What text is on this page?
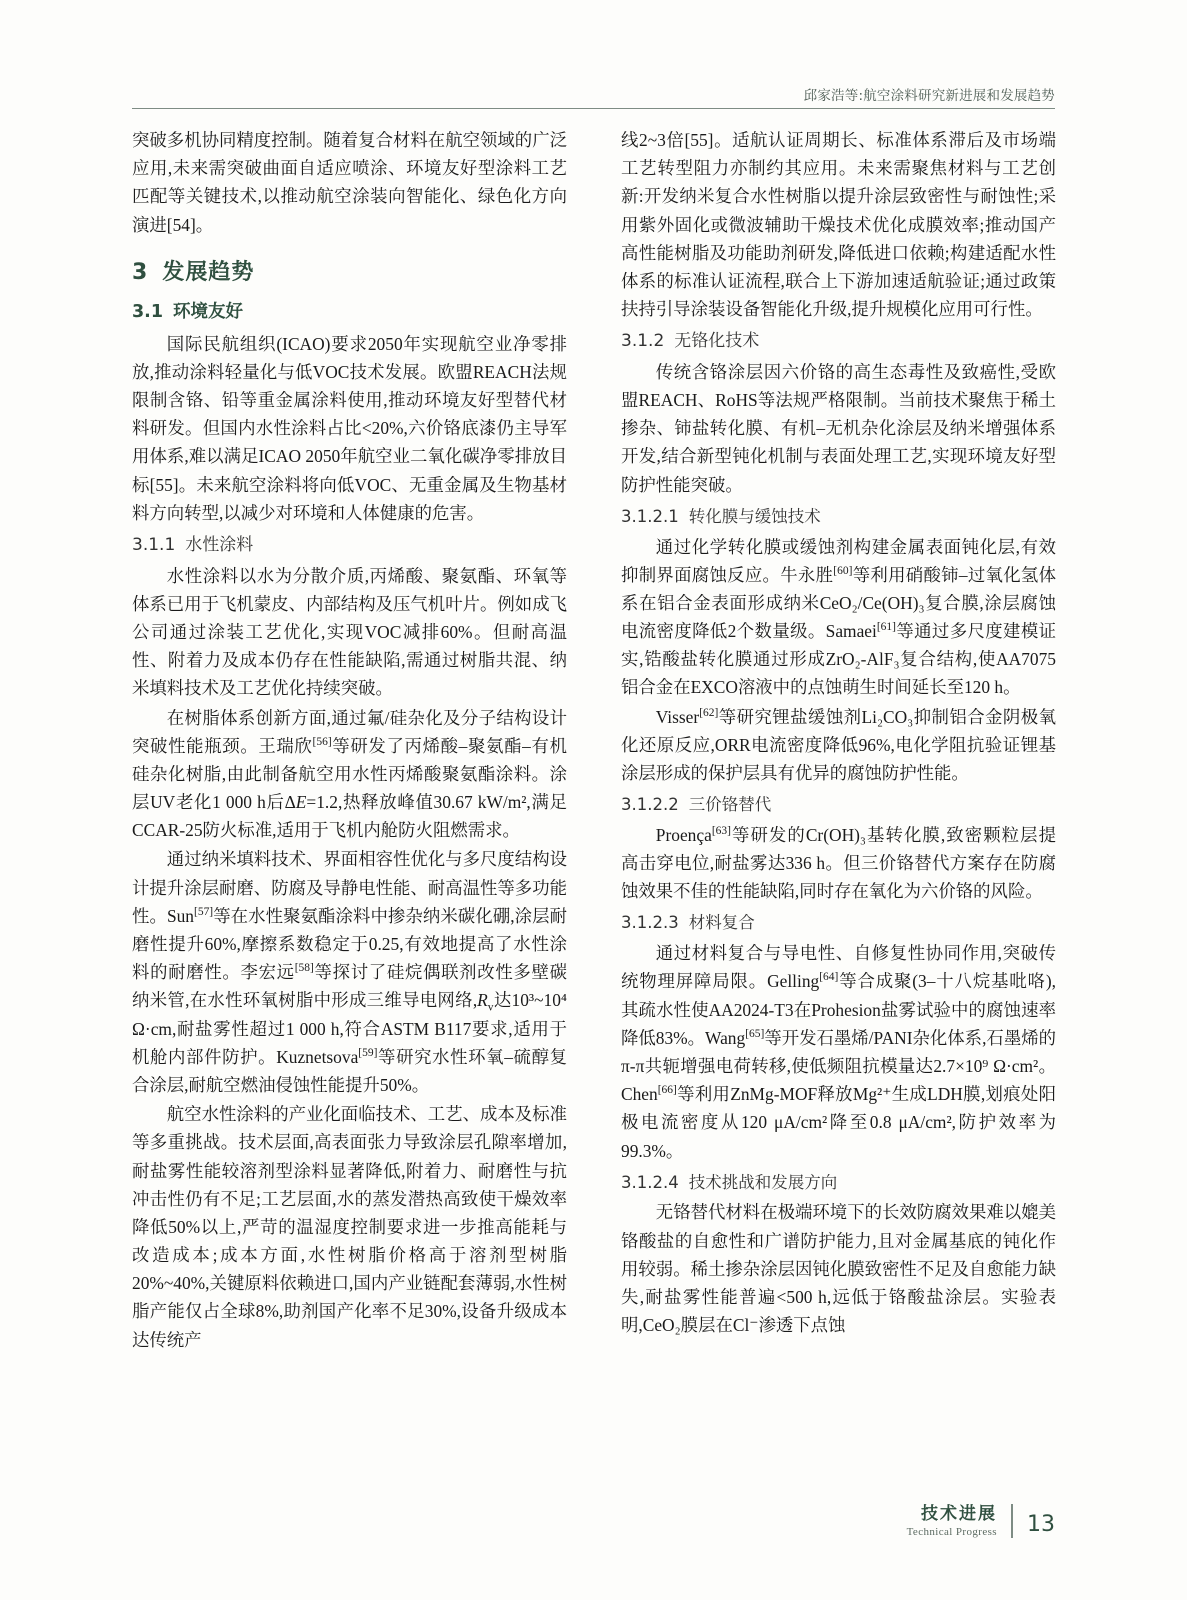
邱家浩等:航空涂料研究新进展和发展趋势

突破多机协同精度控制。随着复合材料在航空领域的广泛应用,未来需突破曲面自适应喷涂、环境友好型涂料工艺匹配等关键技术,以推动航空涂装向智能化、绿色化方向演进[54]。

3 发展趋势
3.1 环境友好

国际民航组织(ICAO)要求2050年实现航空业净零排放,推动涂料轻量化与低VOC技术发展。欧盟REACH法规限制含铬、铅等重金属涂料使用,推动环境友好型替代材料研发。但国内水性涂料占比<20%,六价铬底漆仍主导军用体系,难以满足ICAO 2050年航空业二氧化碳净零排放目标[55]。未来航空涂料将向低VOC、无重金属及生物基材料方向转型,以减少对环境和人体健康的危害。

3.1.1 水性涂料

水性涂料以水为分散介质,丙烯酸、聚氨酯、环氧等体系已用于飞机蒙皮、内部结构及压气机叶片。例如成飞公司通过涂装工艺优化,实现VOC减排60%。但耐高温性、附着力及成本仍存在性能缺陷,需通过树脂共混、纳米填料技术及工艺优化持续突破。

在树脂体系创新方面,通过氟/硅杂化及分子结构设计突破性能瓶颈。王瑞欣[56]等研发了丙烯酸–聚氨酯–有机硅杂化树脂,由此制备航空用水性丙烯酸聚氨酯涂料。涂层UV老化1 000 h后ΔE=1.2,热释放峰值30.67 kW/m²,满足CCAR-25防火标准,适用于飞机内舱防火阻燃需求。

通过纳米填料技术、界面相容性优化与多尺度结构设计提升涂层耐磨、防腐及导静电性能、耐高温性等多功能性。Sun[57]等在水性聚氨酯涂料中掺杂纳米碳化硼,涂层耐磨性提升60%,摩擦系数稳定于0.25,有效地提高了水性涂料的耐磨性。李宏远[58]等探讨了硅烷偶联剂改性多壁碳纳米管,在水性环氧树脂中形成三维导电网络$,R_v$达10³~10⁴ Ω·cm,耐盐雾性超过1 000 h,符合ASTM B117要求,适用于机舱内部件防护。Kuznetsova[59]等研究水性环氧–硫醇复合涂层,耐航空燃油侵蚀性能提升50%。

航空水性涂料的产业化面临技术、工艺、成本及标准等多重挑战。技术层面,高表面张力导致涂层孔隙率增加,耐盐雾性能较溶剂型涂料显著降低,附着力、耐磨性与抗冲击性仍有不足;工艺层面,水的蒸发潜热高致使干燥效率降低50%以上,严苛的温湿度控制要求进一步推高能耗与改造成本;成本方面,水性树脂价格高于溶剂型树脂20%~40%,关键原料依赖进口,国内产业链配套薄弱,水性树脂产能仅占全球8%,助剂国产化率不足30%,设备升级成本达传统产

线2~3倍[55]。适航认证周期长、标准体系滞后及市场端工艺转型阻力亦制约其应用。未来需聚焦材料与工艺创新:开发纳米复合水性树脂以提升涂层致密性与耐蚀性;采用紫外固化或微波辅助干燥技术优化成膜效率;推动国产高性能树脂及功能助剂研发,降低进口依赖;构建适配水性体系的标准认证流程,联合上下游加速适航验证;通过政策扶持引导涂装设备智能化升级,提升规模化应用可行性。

3.1.2 无铬化技术

传统含铬涂层因六价铬的高生态毒性及致癌性,受欧盟REACH、RoHS等法规严格限制。当前技术聚焦于稀土掺杂、铈盐转化膜、有机–无机杂化涂层及纳米增强体系开发,结合新型钝化机制与表面处理工艺,实现环境友好型防护性能突破。

3.1.2.1 转化膜与缓蚀技术

通过化学转化膜或缓蚀剂构建金属表面钝化层,有效抑制界面腐蚀反应。牛永胜[60]等利用硝酸铈–过氧化氢体系在铝合金表面形成纳米CeO₂/Ce(OH)₃复合膜,涂层腐蚀电流密度降低2个数量级。Samaei[61]等通过多尺度建模证实,锆酸盐转化膜通过形成ZrO₂-AlF₃复合结构,使AA7075铝合金在EXCO溶液中的点蚀萌生时间延长至120 h。

Visser[62]等研究锂盐缓蚀剂Li₂CO₃抑制铝合金阴极氧化还原反应,ORR电流密度降低96%,电化学阻抗验证锂基涂层形成的保护层具有优异的腐蚀防护性能。

3.1.2.2 三价铬替代

Proença[63]等研发的Cr(OH)₃基转化膜,致密颗粒层提高击穿电位,耐盐雾达336 h。但三价铬替代方案存在防腐蚀效果不佳的性能缺陷,同时存在氧化为六价铬的风险。

3.1.2.3 材料复合

通过材料复合与导电性、自修复性协同作用,突破传统物理屏障局限。Gelling[64]等合成聚(3–十八烷基吡咯),其疏水性使AA2024-T3在Prohesion盐雾试验中的腐蚀速率降低83%。Wang[65]等开发石墨烯/PANI杂化体系,石墨烯的π-π共轭增强电荷转移,使低频阻抗模量达2.7×10⁹ Ω·cm²。Chen[66]等利用ZnMg-MOF释放Mg²⁺生成LDH膜,划痕处阳极电流密度从120 μA/cm²降至0.8 μA/cm²,防护效率为99.3%。

3.1.2.4 技术挑战和发展方向

无铬替代材料在极端环境下的长效防腐效果难以媲美铬酸盐的自愈性和广谱防护能力,且对金属基底的钝化作用较弱。稀土掺杂涂层因钝化膜致密性不足及自愈能力缺失,耐盐雾性能普遍<500 h,远低于铬酸盐涂层。实验表明,CeO₂膜层在Cl⁻渗透下点蚀

技术进展
Technical Progress 13
